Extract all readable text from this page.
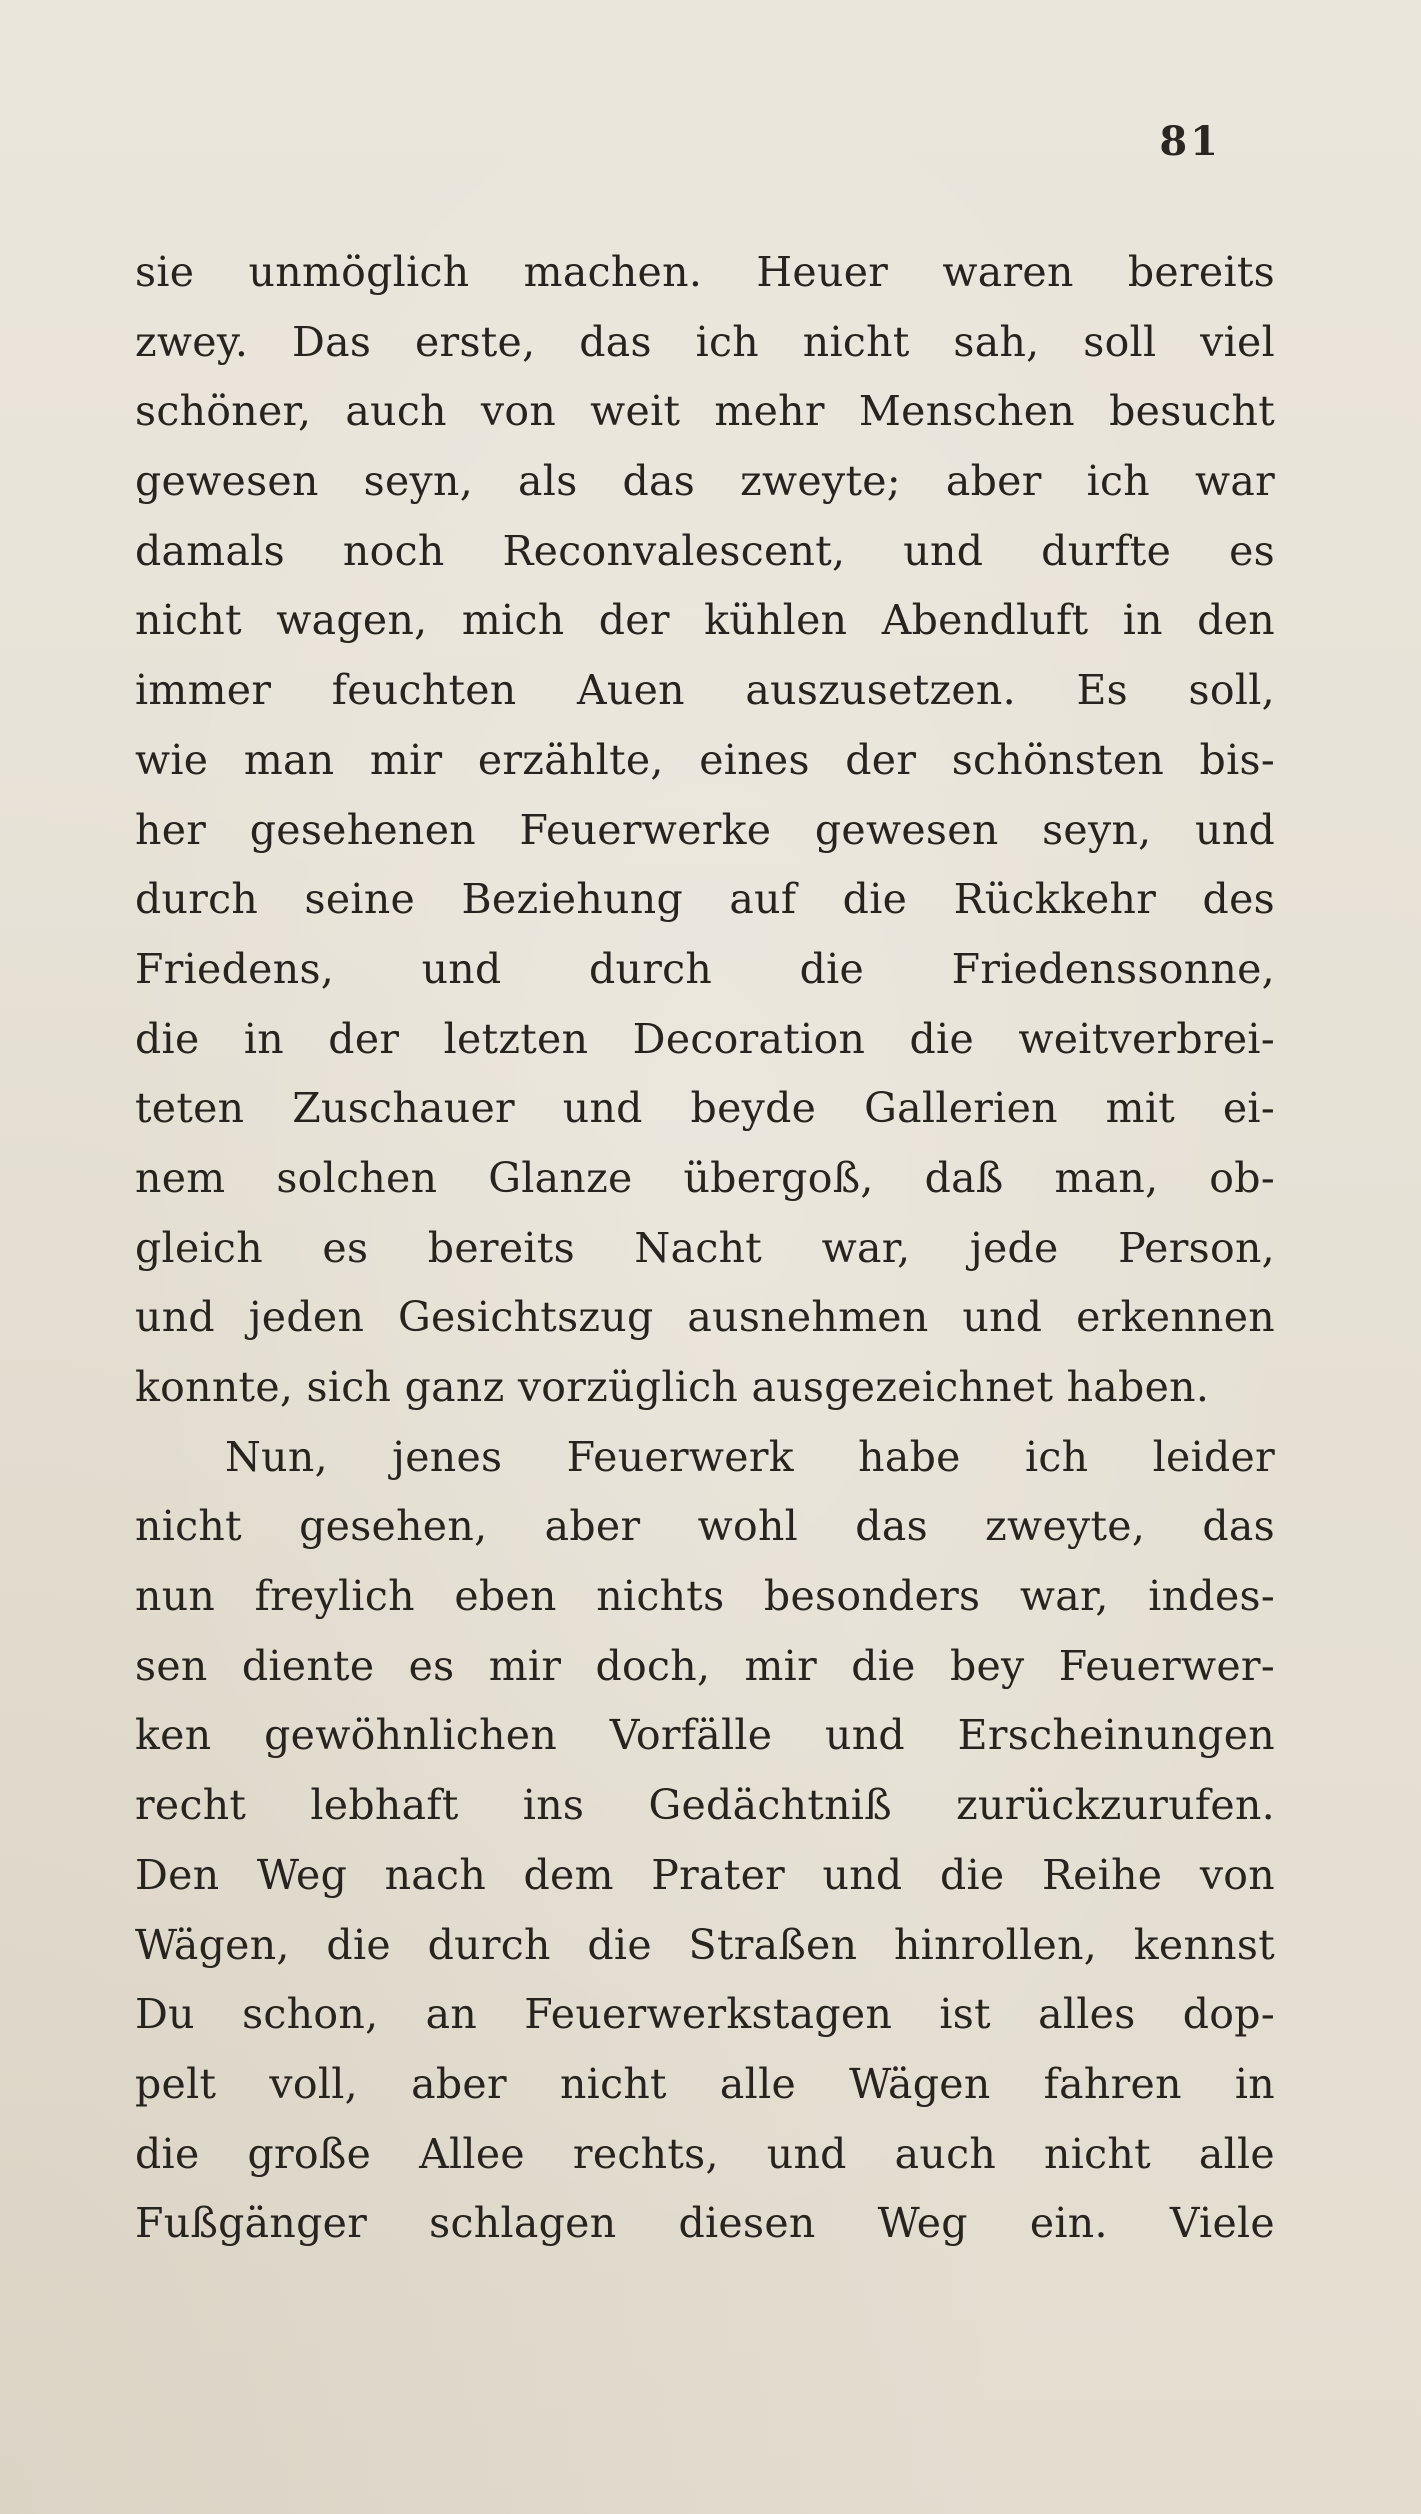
81
sie unmöglich machen. Heuer waren bereits
zwey. Das erste, das ich nicht sah, soll viel
schöner, auch von weit mehr Menschen besucht
gewesen seyn, als das zweyte; aber ich war
damals noch Reconvalescent, und durfte es
nicht wagen, mich der kühlen Abendluft in den
immer feuchten Auen auszusetzen. Es soll,
wie man mir erzählte, eines der schönsten bis-
her gesehenen Feuerwerke gewesen seyn, und
durch seine Beziehung auf die Rückkehr des
Friedens, und durch die Friedenssonne,
die in der letzten Decoration die weitverbrei-
teten Zuschauer und beyde Gallerien mit ei-
nem solchen Glanze übergoß, daß man, ob-
gleich es bereits Nacht war, jede Person,
und jeden Gesichtszug ausnehmen und erkennen
konnte, sich ganz vorzüglich ausgezeichnet haben.
Nun, jenes Feuerwerk habe ich leider
nicht gesehen, aber wohl das zweyte, das
nun freylich eben nichts besonders war, indes-
sen diente es mir doch, mir die bey Feuerwer-
ken gewöhnlichen Vorfälle und Erscheinungen
recht lebhaft ins Gedächtniß zurückzurufen.
Den Weg nach dem Prater und die Reihe von
Wägen, die durch die Straßen hinrollen, kennst
Du schon, an Feuerwerkstagen ist alles dop-
pelt voll, aber nicht alle Wägen fahren in
die große Allee rechts, und auch nicht alle
Fußgänger schlagen diesen Weg ein. Viele
